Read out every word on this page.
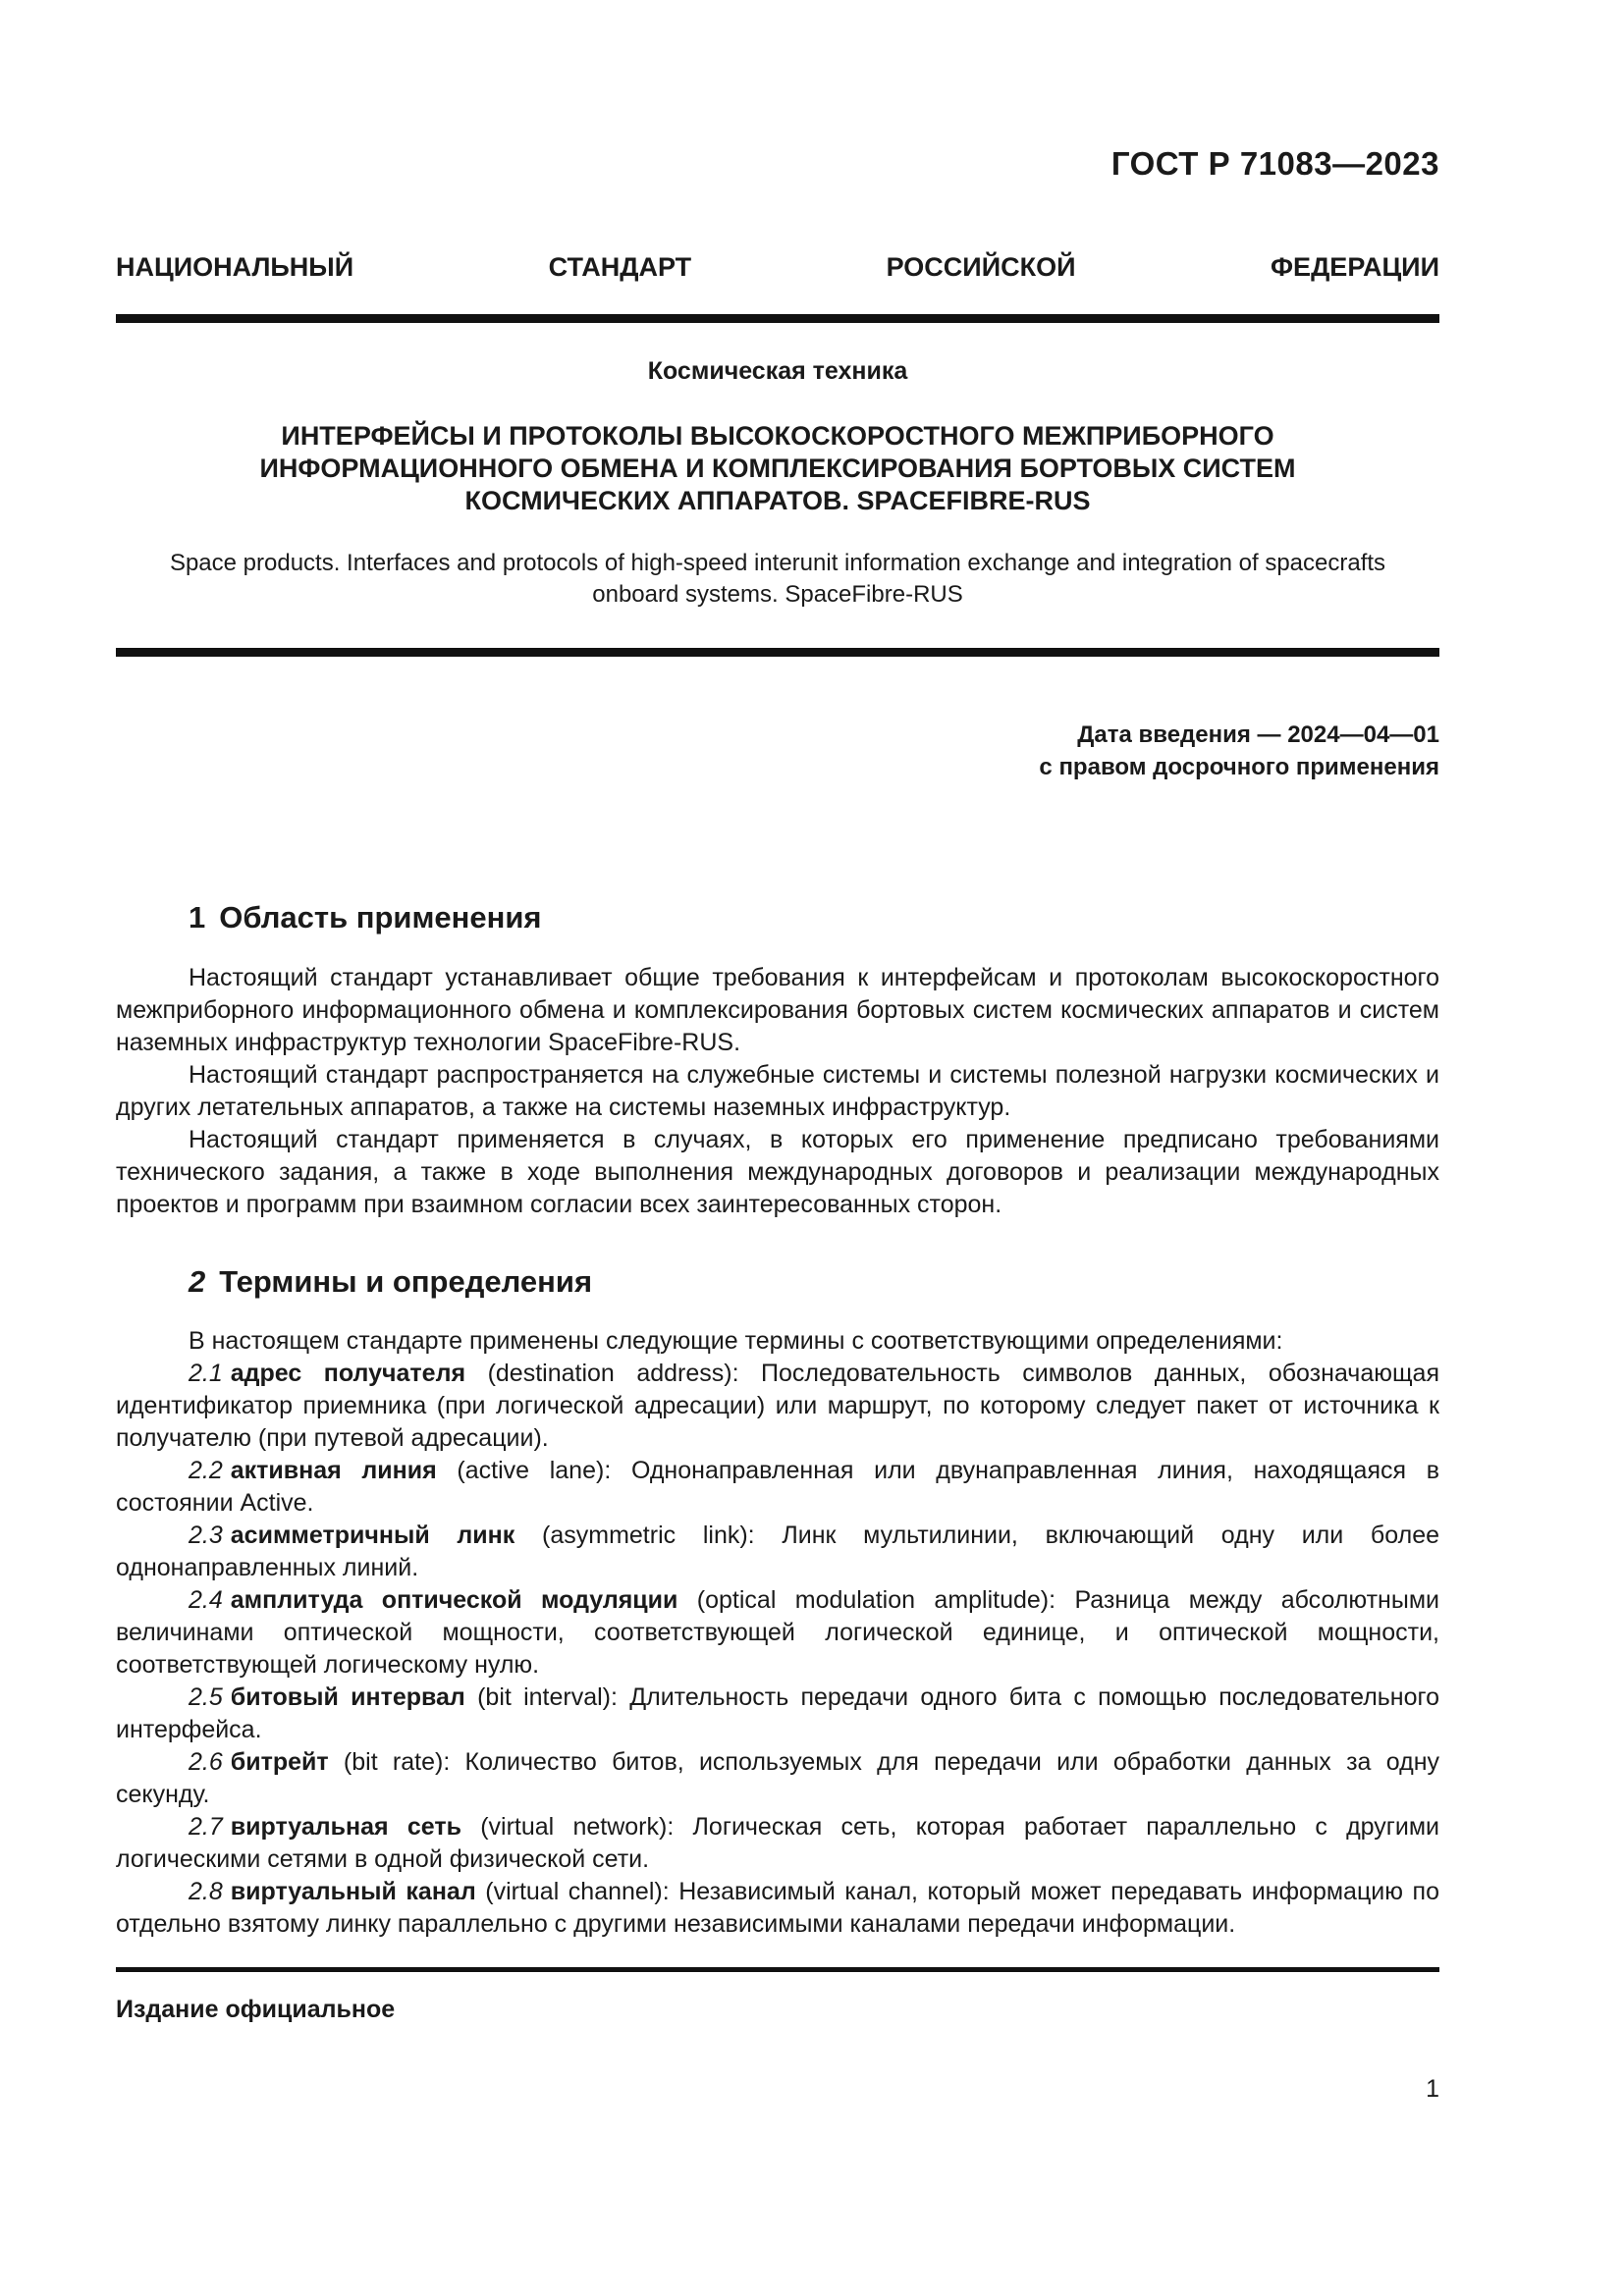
ГОСТ Р 71083—2023
НАЦИОНАЛЬНЫЙ	СТАНДАРТ	РОССИЙСКОЙ	ФЕДЕРАЦИИ
Космическая техника
ИНТЕРФЕЙСЫ И ПРОТОКОЛЫ ВЫСОКОСКОРОСТНОГО МЕЖПРИБОРНОГО
ИНФОРМАЦИОННОГО ОБМЕНА И КОМПЛЕКСИРОВАНИЯ БОРТОВЫХ СИСТЕМ
КОСМИЧЕСКИХ АППАРАТОВ. SPACEFIBRE-RUS
Space products. Interfaces and protocols of high-speed interunit information exchange and integration of spacecrafts
onboard systems. SpaceFibre-RUS
Дата введения — 2024—04—01
с правом досрочного применения
1 Область применения

Настоящий стандарт устанавливает общие требования к интерфейсам и протоколам высокоскоростного межприборного информационного обмена и комплексирования бортовых систем космических аппаратов и систем наземных инфраструктур технологии SpaceFibre-RUS.

Настоящий стандарт распространяется на служебные системы и системы полезной нагрузки космических и других летательных аппаратов, а также на системы наземных инфраструктур.

Настоящий стандарт применяется в случаях, в которых его применение предписано требованиями технического задания, а также в ходе выполнения международных договоров и реализации международных проектов и программ при взаимном согласии всех заинтересованных сторон.

2 Термины и определения

В настоящем стандарте применены следующие термины с соответствующими определениями:

2.1 адрес получателя (destination address): Последовательность символов данных, обозначающая идентификатор приемника (при логической адресации) или маршрут, по которому следует пакет от источника к получателю (при путевой адресации).

2.2 активная линия (active lane): Однонаправленная или двунаправленная линия, находящаяся в состоянии Active.

2.3 асимметричный линк (asymmetric link): Линк мультилинии, включающий одну или более однонаправленных линий.

2.4 амплитуда оптической модуляции (optical modulation amplitude): Разница между абсолютными величинами оптической мощности, соответствующей логической единице, и оптической мощности, соответствующей логическому нулю.

2.5 битовый интервал (bit interval): Длительность передачи одного бита с помощью последовательного интерфейса.

2.6 битрейт (bit rate): Количество битов, используемых для передачи или обработки данных за одну секунду.

2.7 виртуальная сеть (virtual network): Логическая сеть, которая работает параллельно с другими логическими сетями в одной физической сети.

2.8 виртуальный канал (virtual channel): Независимый канал, который может передавать информацию по отдельно взятому линку параллельно с другими независимыми каналами передачи информации.

Издание официальное
1
